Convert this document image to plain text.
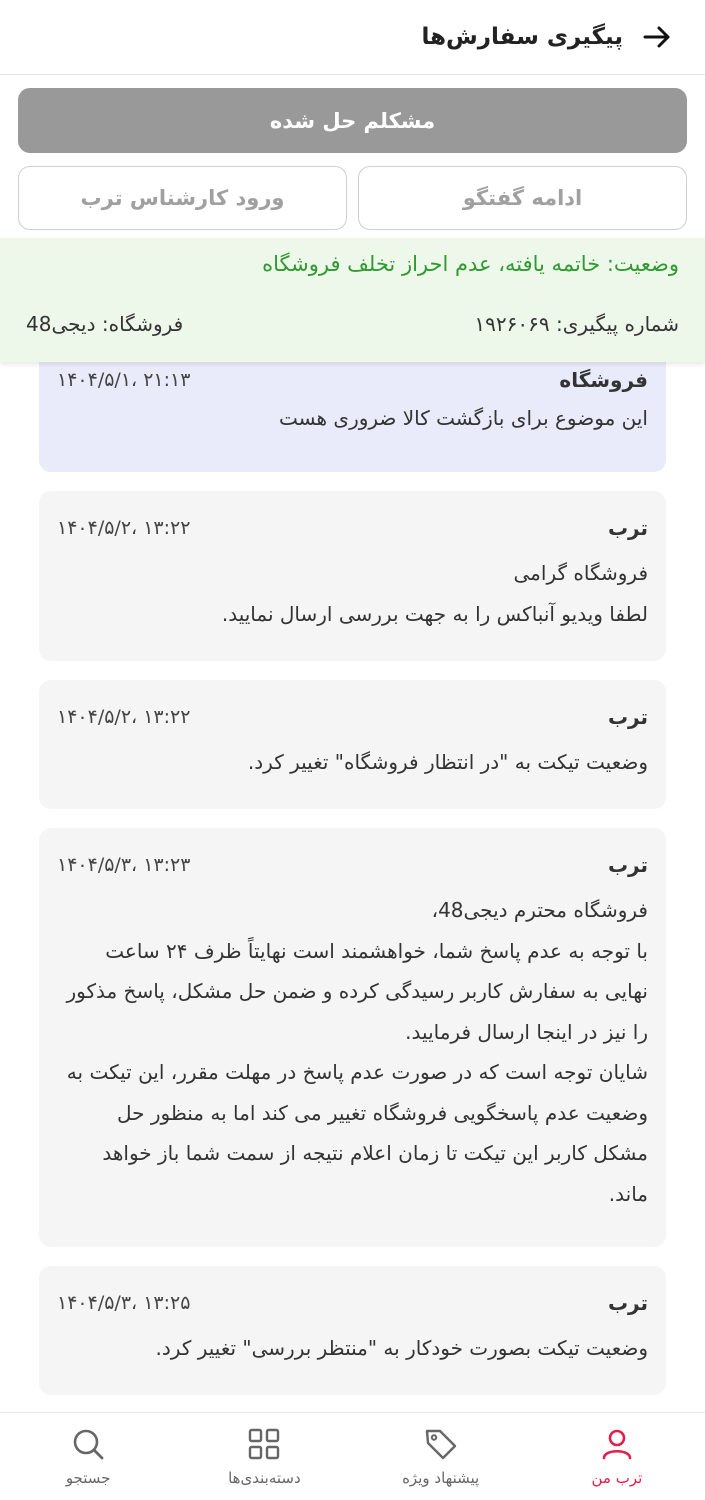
پیگیری سفارش‌ها
مشکلم حل شده
ادامه گفتگو
ورود کارشناس ترب
وضعیت: خاتمه یافته، عدم احراز تخلف فروشگاه
شماره پیگیری: ۱۹۲۶۰۶۹
فروشگاه: دیجی48
فروشگاه
۱۴۰۴/۵/۱، ۲۱:۱۳
این موضوع برای بازگشت کالا ضروری هست
ترب
۱۴۰۴/۵/۲، ۱۳:۲۲
فروشگاه گرامی
لطفا ویدیو آنباکس را به جهت بررسی ارسال نمایید.
ترب
۱۴۰۴/۵/۲، ۱۳:۲۲
وضعیت تیکت به "در انتظار فروشگاه" تغییر کرد.
ترب
۱۴۰۴/۵/۳، ۱۳:۲۳
فروشگاه محترم دیجی48،
با توجه به عدم پاسخ شما، خواهشمند است نهایتاً ظرف ۲۴ ساعت نهایی به سفارش کاربر رسیدگی کرده و ضمن حل مشکل، پاسخ مذکور را نیز در اینجا ارسال فرمایید.
شایان توجه است که در صورت عدم پاسخ در مهلت مقرر، این تیکت به وضعیت عدم پاسخگویی فروشگاه تغییر می کند اما به منظور حل مشکل کاربر این تیکت تا زمان اعلام نتیجه از سمت شما باز خواهد ماند.
ترب
۱۴۰۴/۵/۳، ۱۳:۲۵
وضعیت تیکت بصورت خودکار به "منتظر بررسی" تغییر کرد.
ترب من
پیشنهاد ویژه
دسته‌بندی‌ها
جستجو
